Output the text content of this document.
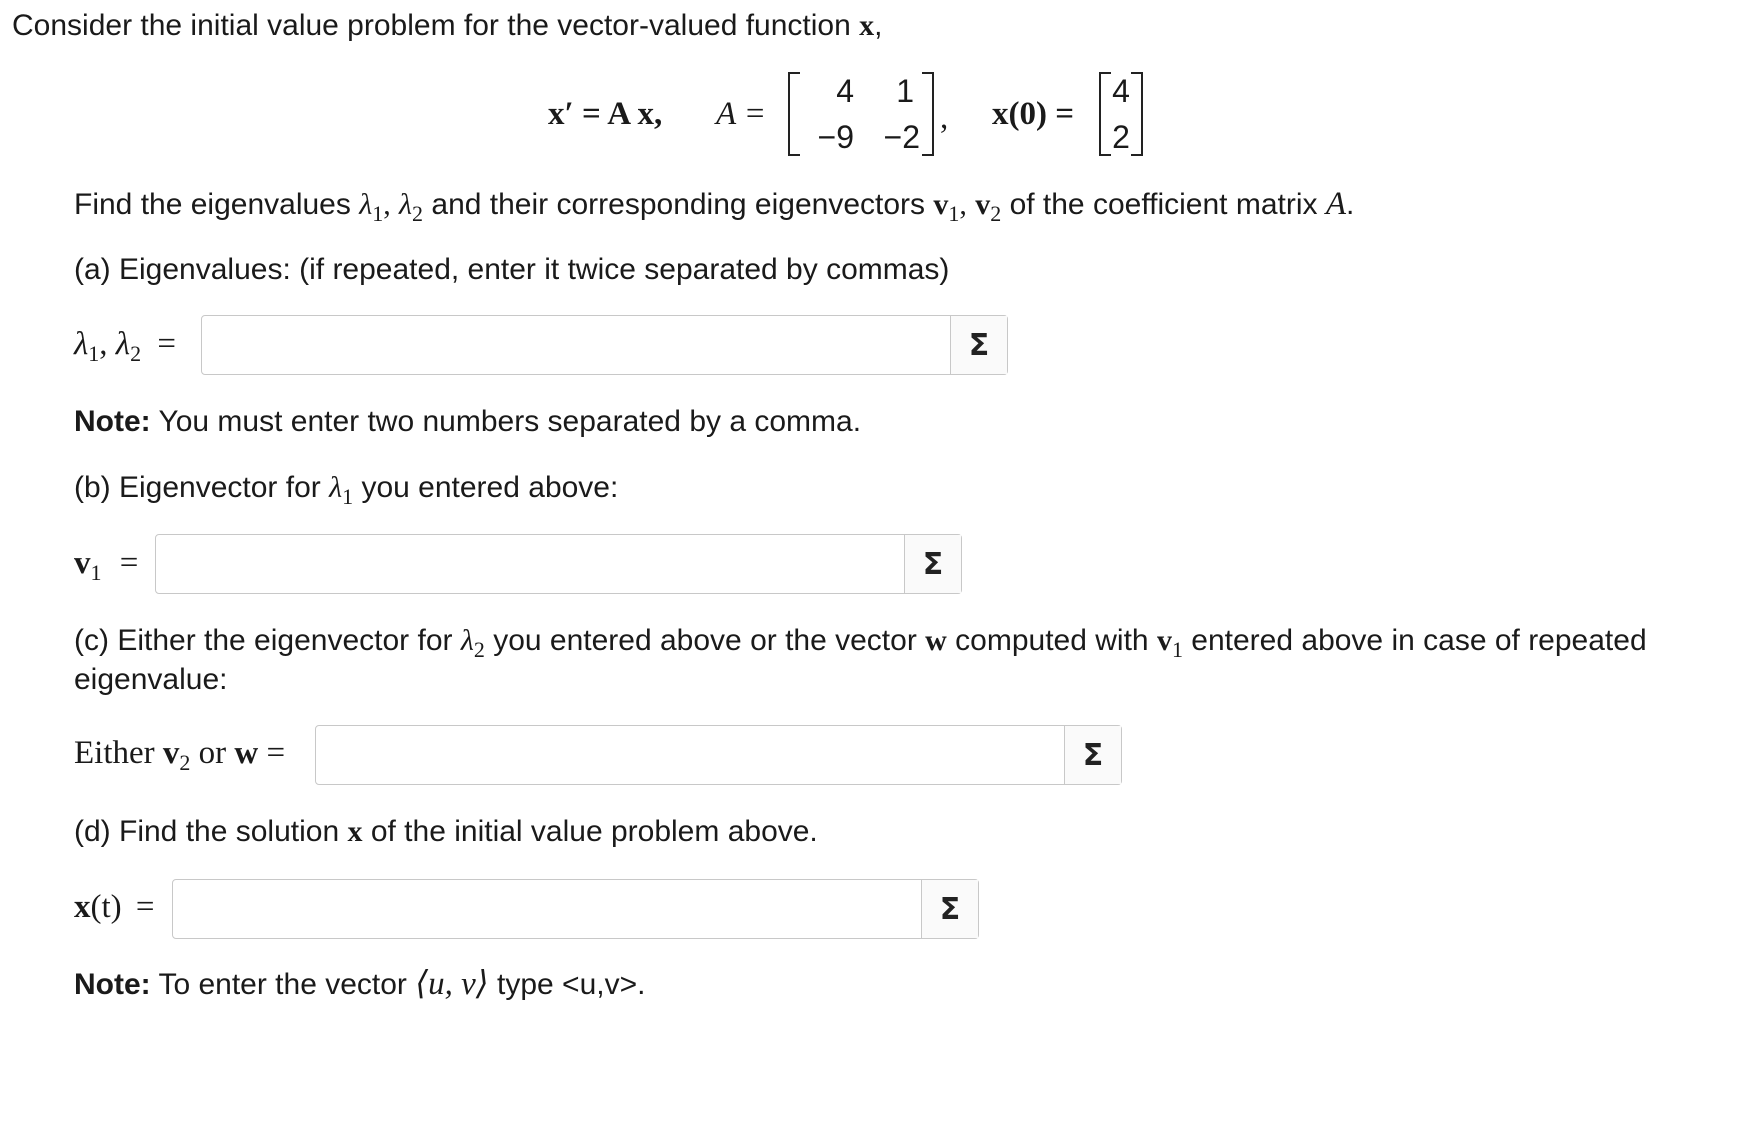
Consider the initial value problem for the vector-valued function x,
x′ = A x, A =
4	1
−9 −2
, x(0) =
4
2
Find the eigenvalues $\lambda_1$, $\lambda_2$ and their corresponding eigenvectors $v_1$, $v_2$ of the coefficient matrix A.
(a) Eigenvalues: (if repeated, enter it twice separated by commas)
$\lambda_1$, $\lambda_2$ =	Σ
Note: You must enter two numbers separated by a comma.
(b) Eigenvector for $\lambda_1$ you entered above:
$v_1$ =	Σ
(c) Either the eigenvector for $\lambda_2$ you entered above or the vector w computed with $v_1$ entered above in case of repeated
eigenvalue:
Either $v_2$ or w =	Σ
(d) Find the solution x of the initial value problem above.
x(t) =	Σ
Note: To enter the vector ⟨u, v⟩ type <u,v>.
